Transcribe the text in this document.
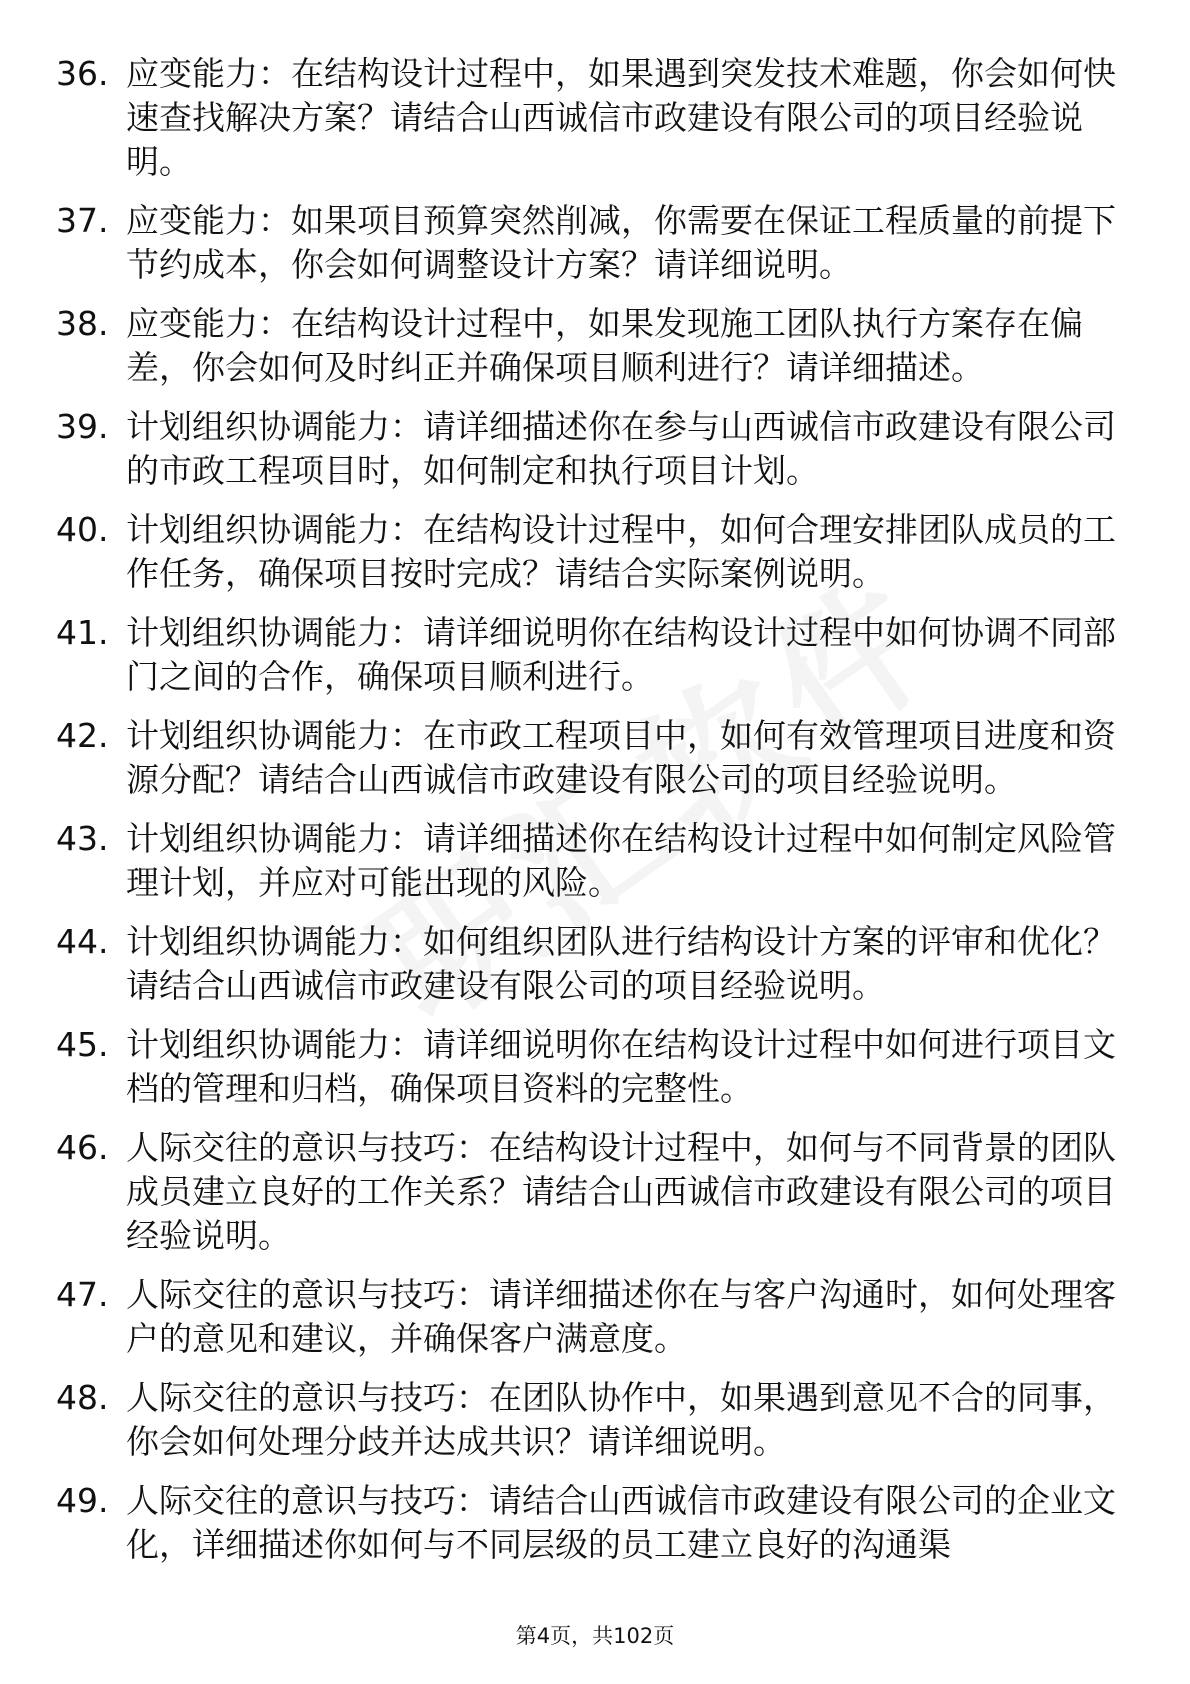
36. 应变能力：在结构设计过程中，如果遇到突发技术难题，你会如何快速查找解决方案？请结合山西诚信市政建设有限公司的项目经验说明。
37. 应变能力：如果项目预算突然削减，你需要在保证工程质量的前提下节约成本，你会如何调整设计方案？请详细说明。
38. 应变能力：在结构设计过程中，如果发现施工团队执行方案存在偏差，你会如何及时纠正并确保项目顺利进行？请详细描述。
39. 计划组织协调能力：请详细描述你在参与山西诚信市政建设有限公司的市政工程项目时，如何制定和执行项目计划。
40. 计划组织协调能力：在结构设计过程中，如何合理安排团队成员的工作任务，确保项目按时完成？请结合实际案例说明。
41. 计划组织协调能力：请详细说明你在结构设计过程中如何协调不同部门之间的合作，确保项目顺利进行。
42. 计划组织协调能力：在市政工程项目中，如何有效管理项目进度和资源分配？请结合山西诚信市政建设有限公司的项目经验说明。
43. 计划组织协调能力：请详细描述你在结构设计过程中如何制定风险管理计划，并应对可能出现的风险。
44. 计划组织协调能力：如何组织团队进行结构设计方案的评审和优化？请结合山西诚信市政建设有限公司的项目经验说明。
45. 计划组织协调能力：请详细说明你在结构设计过程中如何进行项目文档的管理和归档，确保项目资料的完整性。
46. 人际交往的意识与技巧：在结构设计过程中，如何与不同背景的团队成员建立良好的工作关系？请结合山西诚信市政建设有限公司的项目经验说明。
47. 人际交往的意识与技巧：请详细描述你在与客户沟通时，如何处理客户的意见和建议，并确保客户满意度。
48. 人际交往的意识与技巧：在团队协作中，如果遇到意见不合的同事，你会如何处理分歧并达成共识？请详细说明。
49. 人际交往的意识与技巧：请结合山西诚信市政建设有限公司的企业文化，详细描述你如何与不同层级的员工建立良好的沟通渠
第4页，共102页
